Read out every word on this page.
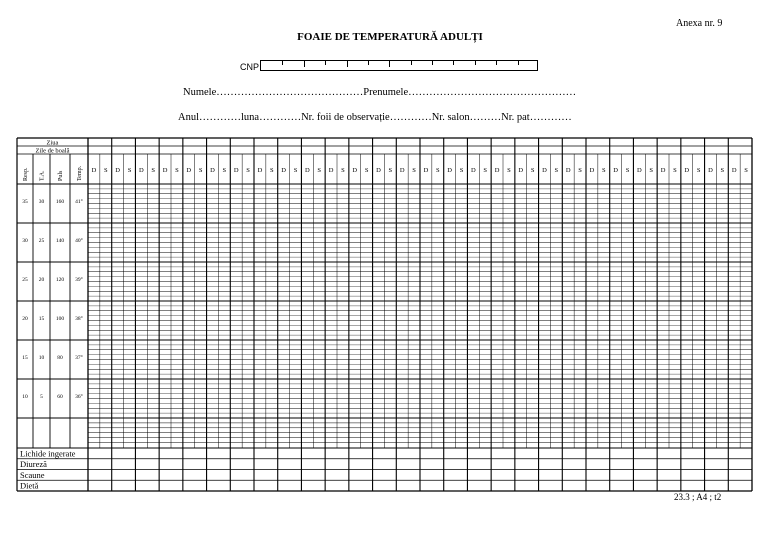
Anexa nr. 9
FOAIE DE TEMPERATURĂ ADULȚI
CNP
Numele……………………………………Prenumele…………………………………………
Anul…………luna…………Nr. foii de observație…………Nr. salon………Nr. pat…………
Ziua
Zile de boală
Resp. T.A. Puls Temp. D S D S D S D S D S D S D S D S D S D S D S D S D S D S D S D S D S D S D S D S D S D S D S D S D S D S D S D S
35 30 160 41°
30 25 140 40°
25 20 120 39°
20 15 100 38°
15 10 80 37°
10 5	60 36°
Lichide ingerate
Diureză
Scaune
Dietă
23.3 ; A4 ; t2
